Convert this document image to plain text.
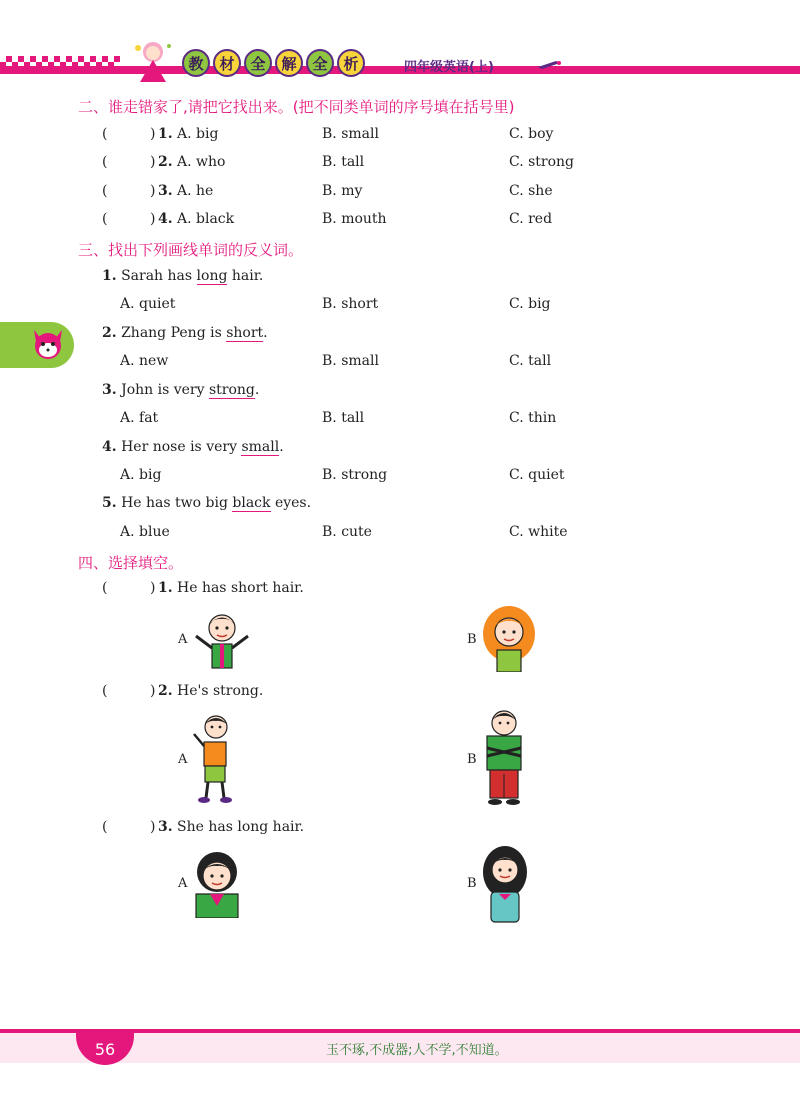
教	材	全	解	全	析	四年级英语(上)
二、谁走错家了,请把它找出来。(把不同类单词的序号填在括号里)
(	) 1. A. big	B. small	C. boy
(	) 2. A. who	B. tall	C. strong
(	) 3. A. he	B. my	C. she
(	) 4. A. black	B. mouth	C. red
三、找出下列画线单词的反义词。
1. Sarah has long hair.
A. quiet	B. short	C. big
2. Zhang Peng is short.
A. new	B. small	C. tall
3. John is very strong.
A. fat	B. tall	C. thin
4. Her nose is very small.
A. big	B. strong	C. quiet
5. He has two big black eyes.
A. blue	B. cute	C. white
四、选择填空。
(	) 1. He has short hair.
A	B
(	) 2. He's strong.
A	B
(	) 3. She has long hair.
A	B
56	玉不琢,不成器;人不学,不知道。
